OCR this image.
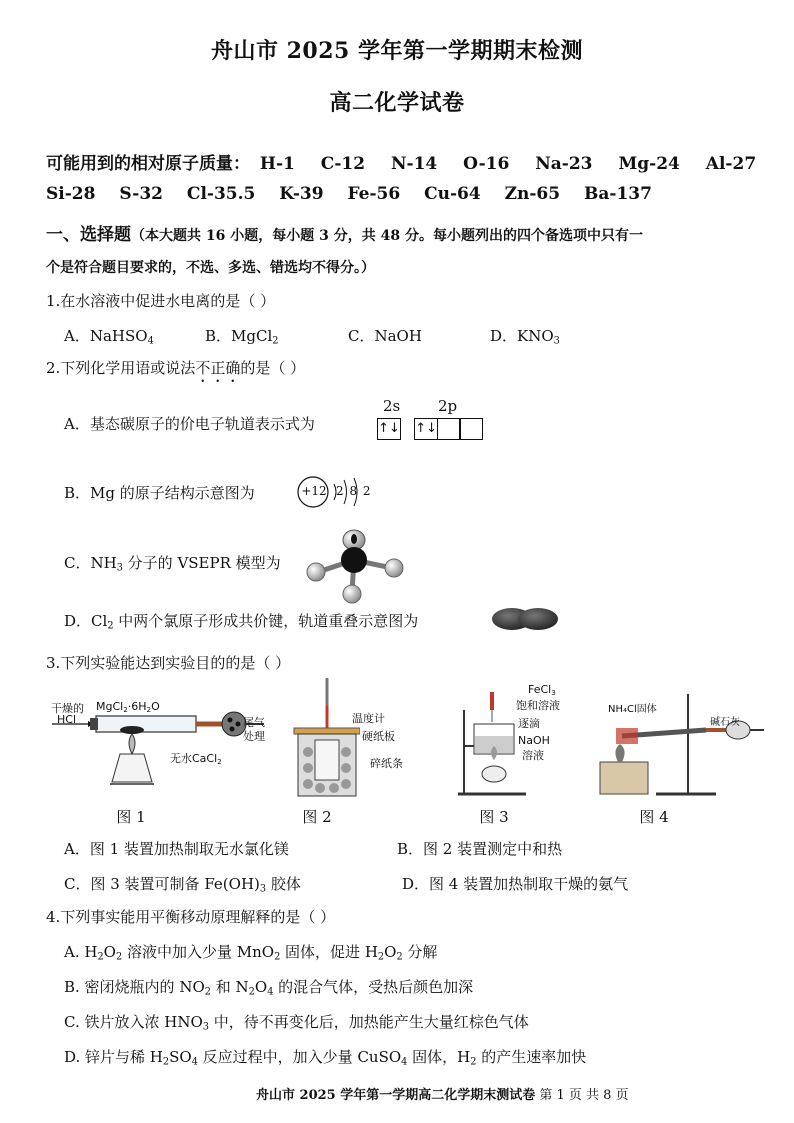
舟山市 2025 学年第一学期期末检测
高二化学试卷
可能用到的相对原子质量： H-1 C-12 N-14 O-16 Na-23 Mg-24 Al-27
Si-28 S-32 Cl-35.5 K-39 Fe-56 Cu-64 Zn-65 Ba-137
一、选择题（本大题共 16 小题，每小题 3 分，共 48 分。每小题列出的四个备选项中只有一
个是符合题目要求的，不选、多选、错选均不得分。）
1.在水溶液中促进水电离的是（ ）
A．NaHSO$_4$	B．MgCl$_2$	C．NaOH	D．$KNO_3$
2.下列化学用语或说法不正确的是（ ）
2s	2p
A．基态碳原子的价电子轨道表示式为	↑↓ ↑↓
B．Mg 的原子结构示意图为	+12 2 8 2
C．$NH_3$ 分子的 VSEPR 模型为
D．$Cl_2$ 中两个氯原子形成共价键，轨道重叠示意图为
3.下列实验能达到实验目的的是（ ）
干燥的
HCl
$MgCl_2\cdot 6H_2O$
无水CaCl$_2$
尾气
处理
温度计
硬纸板
碎纸条
FeCl$_3$
饱和溶液
逐滴
NaOH
溶液
NH₄Cl固体
碱石灰
图 1	图 2	图 3	图 4
A．图 1 装置加热制取无水氯化镁	B．图 2 装置测定中和热
C．图 3 装置可制备 $Fe(OH)_3$ 胶体	D．图 4 装置加热制取干燥的氨气
4.下列事实能用平衡移动原理解释的是（ ）
A. $H_2O_2$ 溶液中加入少量 MnO$_2$ 固体，促进 $H_2O_2$ 分解
B. 密闭烧瓶内的 $NO_2$ 和 $N_2O_4$ 的混合气体，受热后颜色加深
C. 铁片放入浓 $HNO_3$ 中，待不再变化后，加热能产生大量红棕色气体
D. 锌片与稀 $H_2SO_4$ 反应过程中，加入少量 CuSO$_4$ 固体，$H_2$ 的产生速率加快
舟山市 2025 学年第一学期高二化学期末测试卷 第 1 页 共 8 页
